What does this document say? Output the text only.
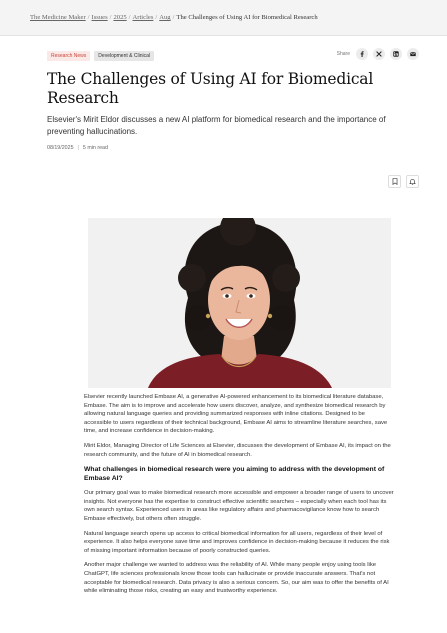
The Medicine Maker / Issues / 2025 / Articles / Aug / The Challenges of Using AI for Biomedical Research
Research News	Development & Clinical	Share
The Challenges of Using AI for Biomedical Research

Elsevier's Mirit Eldor discusses a new AI platform for biomedical research and the importance of preventing hallucinations.

08/19/2025 | 5 min read

Elsevier recently launched Embase AI, a generative AI-powered enhancement to its biomedical literature database, Embase. The aim is to improve and accelerate how users discover, analyze, and synthesize biomedical research by allowing natural language queries and providing summarized responses with inline citations. Designed to be accessible to users regardless of their technical background, Embase AI aims to streamline literature searches, save time, and increase confidence in decision-making.

Mirit Eldor, Managing Director of Life Sciences at Elsevier, discusses the development of Embase AI, its impact on the research community, and the future of AI in biomedical research.

What challenges in biomedical research were you aiming to address with the development of Embase AI?

Our primary goal was to make biomedical research more accessible and empower a broader range of users to uncover insights. Not everyone has the expertise to construct effective scientific searches – especially when each tool has its own search syntax. Experienced users in areas like regulatory affairs and pharmacovigilance know how to search Embase effectively, but others often struggle.

Natural language search opens up access to critical biomedical information for all users, regardless of their level of experience. It also helps everyone save time and improves confidence in decision-making because it reduces the risk of missing important information because of poorly constructed queries.

Another major challenge we wanted to address was the reliability of AI. While many people enjoy using tools like ChatGPT, life sciences professionals know those tools can hallucinate or provide inaccurate answers. That's not acceptable for biomedical research. Data privacy is also a serious concern. So, our aim was to offer the benefits of AI while eliminating those risks, creating an easy and trustworthy experience.
